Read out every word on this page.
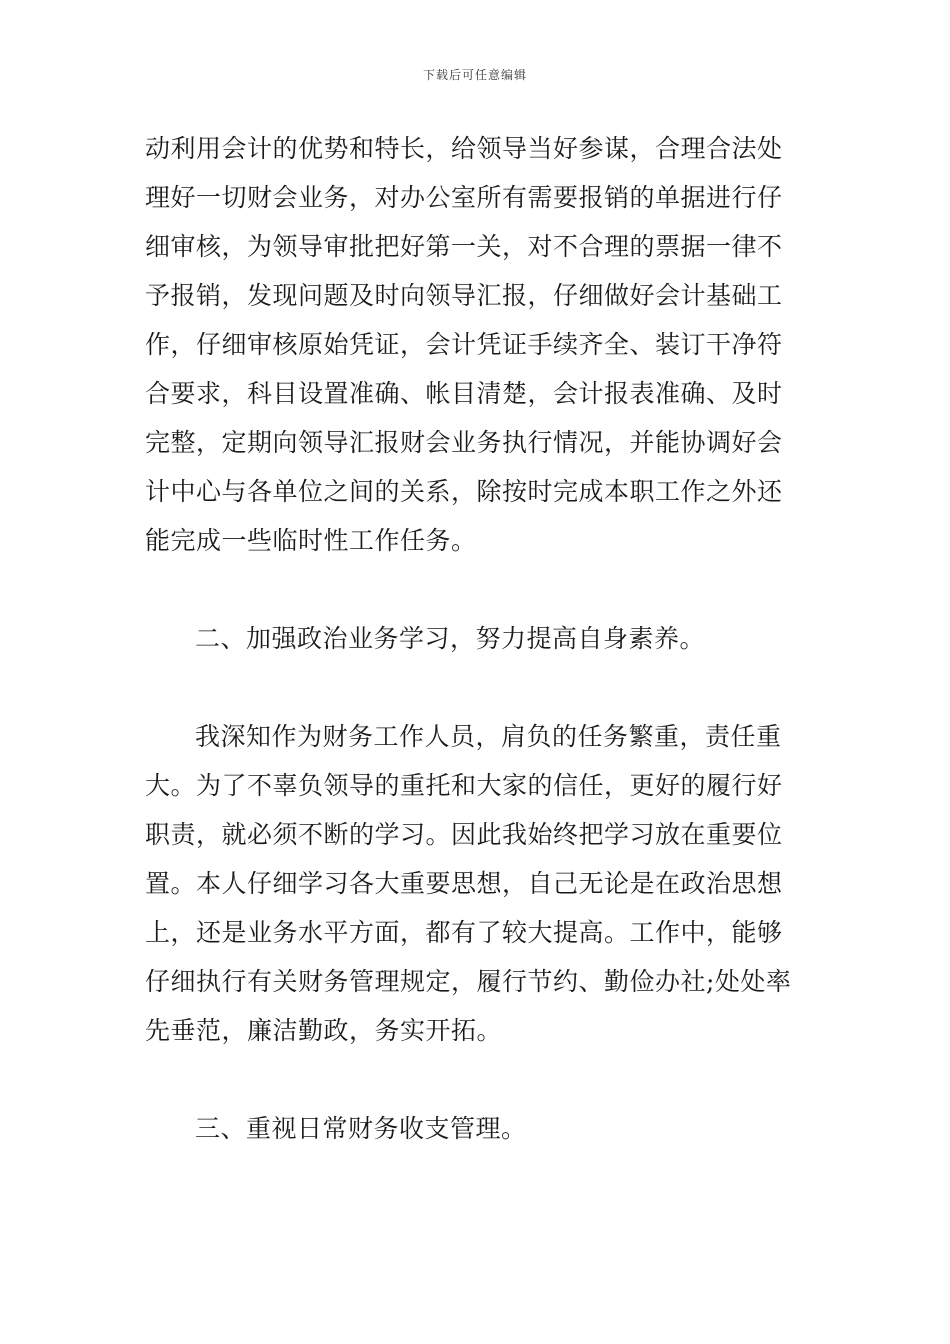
下载后可任意编辑
动利用会计的优势和特长，给领导当好参谋，合理合法处
理好一切财会业务，对办公室所有需要报销的单据进行仔
细审核，为领导审批把好第一关，对不合理的票据一律不
予报销，发现问题及时向领导汇报，仔细做好会计基础工
作，仔细审核原始凭证，会计凭证手续齐全、装订干净符
合要求，科目设置准确、帐目清楚，会计报表准确、及时
完整，定期向领导汇报财会业务执行情况，并能协调好会
计中心与各单位之间的关系，除按时完成本职工作之外还
能完成一些临时性工作任务。
二、加强政治业务学习，努力提高自身素养。
我深知作为财务工作人员，肩负的任务繁重，责任重
大。为了不辜负领导的重托和大家的信任，更好的履行好
职责，就必须不断的学习。因此我始终把学习放在重要位
置。本人仔细学习各大重要思想，自己无论是在政治思想
上，还是业务水平方面，都有了较大提高。工作中，能够
仔细执行有关财务管理规定，履行节约、勤俭办社;处处率
先垂范，廉洁勤政，务实开拓。
三、重视日常财务收支管理。
